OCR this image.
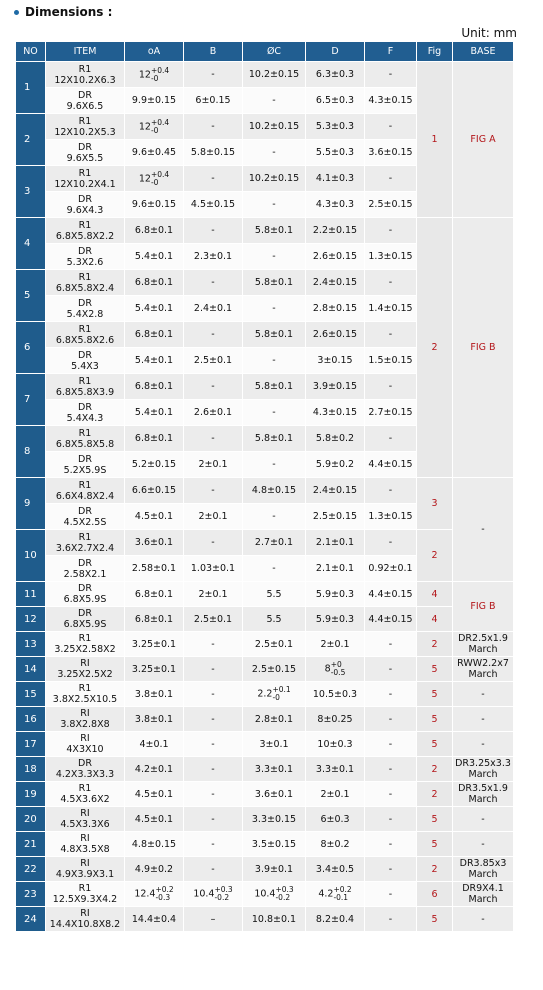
Dimensions :
Unit: mm
NO	ITEM	oA	B	ØC	D	F	Fig	BASE
1	R1
12X10.2X6.3	12 +0.4
-0	-	10.2±0.15	6.3±0.3	-	1	FIG A

	DR
9.6X6.5	9.9±0.15	6±0.15	-	6.5±0.3	4.3±0.15		
2	R1
12X10.2X5.3	12 +0.4
-0	-	10.2±0.15	5.3±0.3	-		

	DR
9.6X5.5	9.6±0.45	5.8±0.15	-	5.5±0.3	3.6±0.15		
3	R1
12X10.2X4.1	12 +0.4
-0	-	10.2±0.15	4.1±0.3	-		

	DR
9.6X4.3	9.6±0.15	4.5±0.15	-	4.3±0.3	2.5±0.15		
4	R1
6.8X5.8X2.2	6.8±0.1	-	5.8±0.1	2.2±0.15	-	2	FIG B

	DR
5.3X2.6	5.4±0.1	2.3±0.1	-	2.6±0.15	1.3±0.15		
5	R1
6.8X5.8X2.4	6.8±0.1	-	5.8±0.1	2.4±0.15	-		

	DR
5.4X2.8	5.4±0.1	2.4±0.1	-	2.8±0.15	1.4±0.15		
6	R1
6.8X5.8X2.6	6.8±0.1	-	5.8±0.1	2.6±0.15	-		

	DR
5.4X3	5.4±0.1	2.5±0.1	-	3±0.15	1.5±0.15		
7	R1
6.8X5.8X3.9	6.8±0.1	-	5.8±0.1	3.9±0.15	-		

	DR
5.4X4.3	5.4±0.1	2.6±0.1	-	4.3±0.15	2.7±0.15		
8	R1
6.8X5.8X5.8	6.8±0.1	-	5.8±0.1	5.8±0.2	-		

	DR
5.2X5.9S	5.2±0.15	2±0.1	-	5.9±0.2	4.4±0.15		
9	R1
6.6X4.8X2.4	6.6±0.15	-	4.8±0.15	2.4±0.15	-	3	-

	DR
4.5X2.5S	4.5±0.1	2±0.1	-	2.5±0.15	1.3±0.15		
10	R1
3.6X2.7X2.4	3.6±0.1	-	2.7±0.1	2.1±0.1	-	2	

	DR
2.58X2.1	2.58±0.1	1.03±0.1	-	2.1±0.1	0.92±0.1		
11	DR
6.8X5.9S	6.8±0.1	2±0.1	5.5	5.9±0.3	4.4±0.15	4	FIG B
12	DR
6.8X5.9S	6.8±0.1	2.5±0.1	5.5	5.9±0.3	4.4±0.15	4	
13	R1
3.25X2.58X2	3.25±0.1	-	2.5±0.1	2±0.1	-	2	DR2.5x1.9 March
14	RI
3.25X2.5X2	3.25±0.1	-	2.5±0.15	8 +0
-0.5	-	5	RWW2.2x7 March
15	R1
3.8X2.5X10.5	3.8±0.1	-	2.2 +0.1
-0	10.5±0.3	-	5	-
16	RI
3.8X2.8X8	3.8±0.1	-	2.8±0.1	8±0.25	-	5	-
17	RI
4X3X10	4±0.1	-	3±0.1	10±0.3	-	5	-
18	DR
4.2X3.3X3.3	4.2±0.1	-	3.3±0.1	3.3±0.1	-	2	DR3.25x3.3 March
19	R1
4.5X3.6X2	4.5±0.1	-	3.6±0.1	2±0.1	-	2	DR3.5x1.9 March
20	RI
4.5X3.3X6	4.5±0.1	-	3.3±0.15	6±0.3	-	5	-
21	RI
4.8X3.5X8	4.8±0.15	-	3.5±0.15	8±0.2	-	5	-
22	RI
4.9X3.9X3.1	4.9±0.2	-	3.9±0.1	3.4±0.5	-	2	DR3.85x3 March
23	R1
12.5X9.3X4.2	12.4 +0.2
-0.3	10.4 +0.3
-0.2	10.4 +0.3
-0.2	4.2 +0.2
-0.1	-	6	DR9X4.1 March
24	RI
14.4X10.8X8.2	14.4±0.4	–	10.8±0.1	8.2±0.4	-	5	-
